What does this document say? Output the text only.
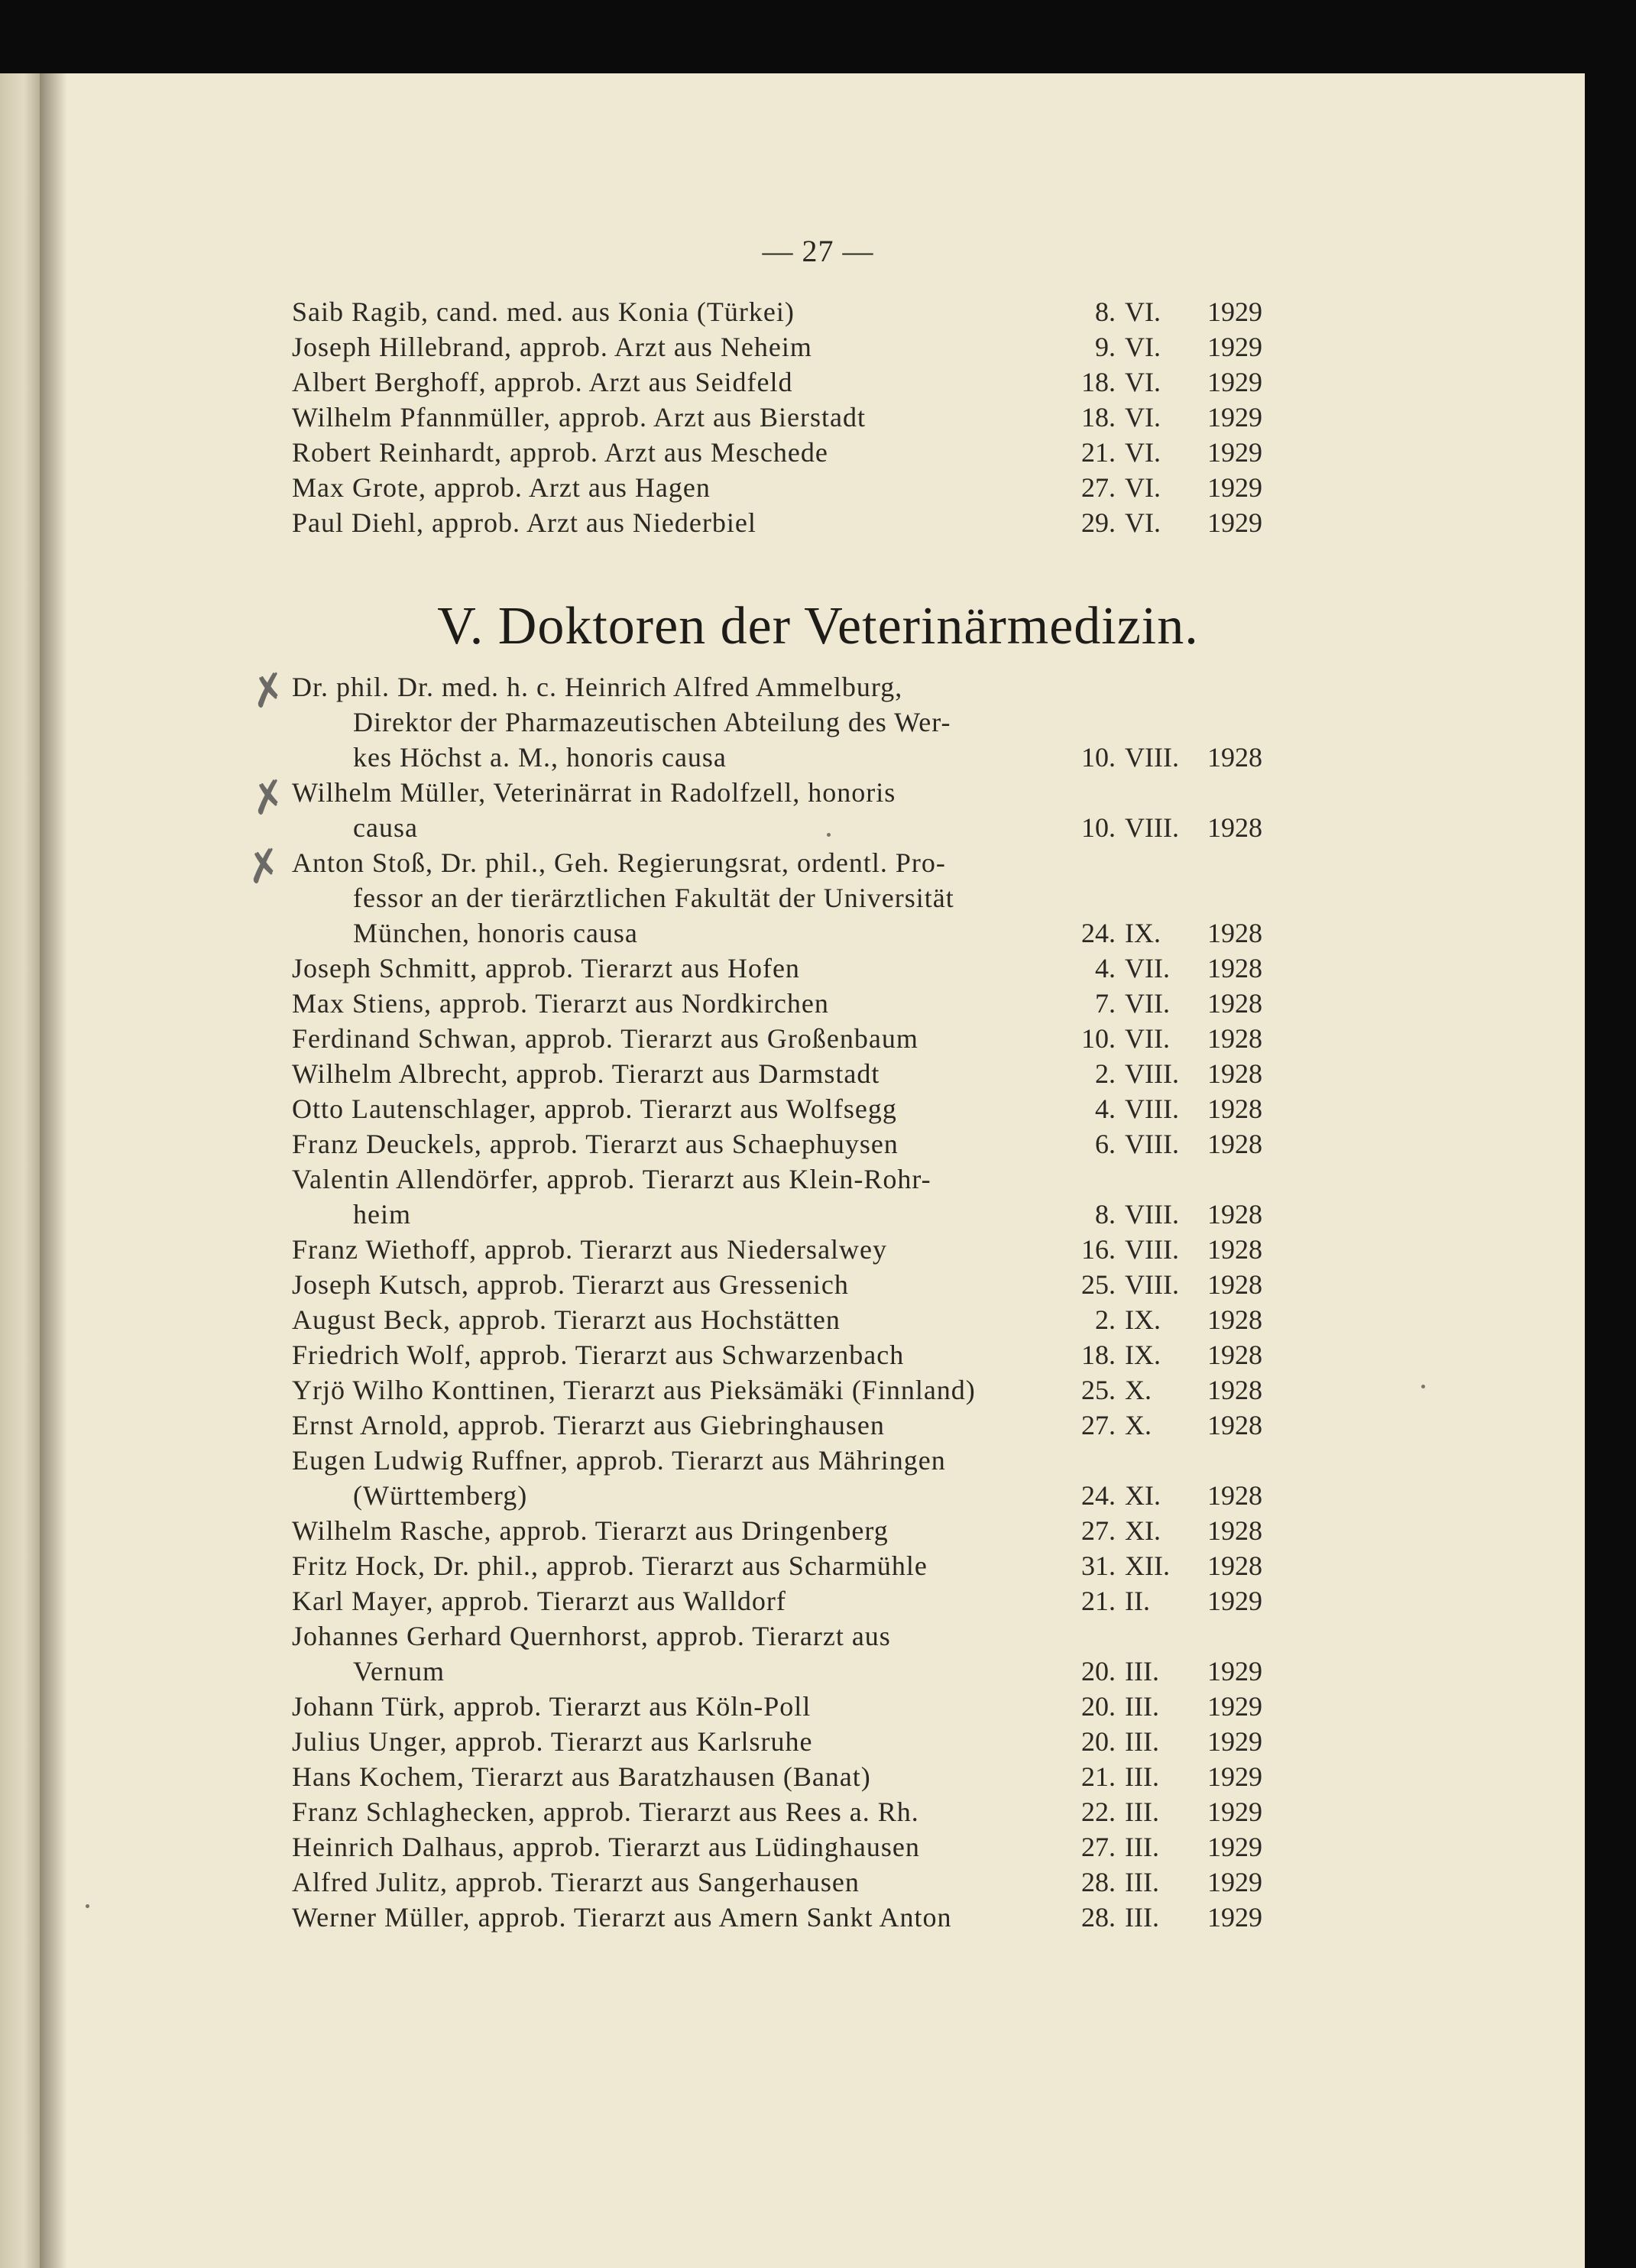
— 27 —
Saib Ragib, cand. med. aus Konia (Türkei)	8. VI. 1929
Joseph Hillebrand, approb. Arzt aus Neheim	9. VI. 1929
Albert Berghoff, approb. Arzt aus Seidfeld	18. VI. 1929
Wilhelm Pfannmüller, approb. Arzt aus Bierstadt	18. VI. 1929
Robert Reinhardt, approb. Arzt aus Meschede	21. VI. 1929
Max Grote, approb. Arzt aus Hagen	27. VI. 1929
Paul Diehl, approb. Arzt aus Niederbiel	29. VI. 1929
V. Doktoren der Veterinärmedizin.
Dr. phil. Dr. med. h. c. Heinrich Alfred Ammelburg,
Direktor der Pharmazeutischen Abteilung des Wer-
kes Höchst a. M., honoris causa	10. VIII. 1928
Wilhelm Müller, Veterinärrat in Radolfzell, honoris
causa	10. VIII. 1928
Anton Stoß, Dr. phil., Geh. Regierungsrat, ordentl. Pro-
fessor an der tierärztlichen Fakultät der Universität
München, honoris causa	24. IX. 1928
Joseph Schmitt, approb. Tierarzt aus Hofen	4. VII. 1928
Max Stiens, approb. Tierarzt aus Nordkirchen	7. VII. 1928
Ferdinand Schwan, approb. Tierarzt aus Großenbaum	10. VII. 1928
Wilhelm Albrecht, approb. Tierarzt aus Darmstadt	2. VIII. 1928
Otto Lautenschlager, approb. Tierarzt aus Wolfsegg	4. VIII. 1928
Franz Deuckels, approb. Tierarzt aus Schaephuysen	6. VIII. 1928
Valentin Allendörfer, approb. Tierarzt aus Klein-Rohr-
heim	8. VIII. 1928
Franz Wiethoff, approb. Tierarzt aus Niedersalwey	16. VIII. 1928
Joseph Kutsch, approb. Tierarzt aus Gressenich	25. VIII. 1928
August Beck, approb. Tierarzt aus Hochstätten	2. IX. 1928
Friedrich Wolf, approb. Tierarzt aus Schwarzenbach	18. IX. 1928
Yrjö Wilho Konttinen, Tierarzt aus Pieksämäki (Finnland)	25. X. 1928
Ernst Arnold, approb. Tierarzt aus Giebringhausen	27. X. 1928
Eugen Ludwig Ruffner, approb. Tierarzt aus Mähringen
(Württemberg)	24. XI. 1928
Wilhelm Rasche, approb. Tierarzt aus Dringenberg	27. XI. 1928
Fritz Hock, Dr. phil., approb. Tierarzt aus Scharmühle	31. XII. 1928
Karl Mayer, approb. Tierarzt aus Walldorf	21. II. 1929
Johannes Gerhard Quernhorst, approb. Tierarzt aus
Vernum	20. III. 1929
Johann Türk, approb. Tierarzt aus Köln-Poll	20. III. 1929
Julius Unger, approb. Tierarzt aus Karlsruhe	20. III. 1929
Hans Kochem, Tierarzt aus Baratzhausen (Banat)	21. III. 1929
Franz Schlaghecken, approb. Tierarzt aus Rees a. Rh.	22. III. 1929
Heinrich Dalhaus, approb. Tierarzt aus Lüdinghausen	27. III. 1929
Alfred Julitz, approb. Tierarzt aus Sangerhausen	28. III. 1929
Werner Müller, approb. Tierarzt aus Amern Sankt Anton	28. III. 1929
✗
✗
✗
